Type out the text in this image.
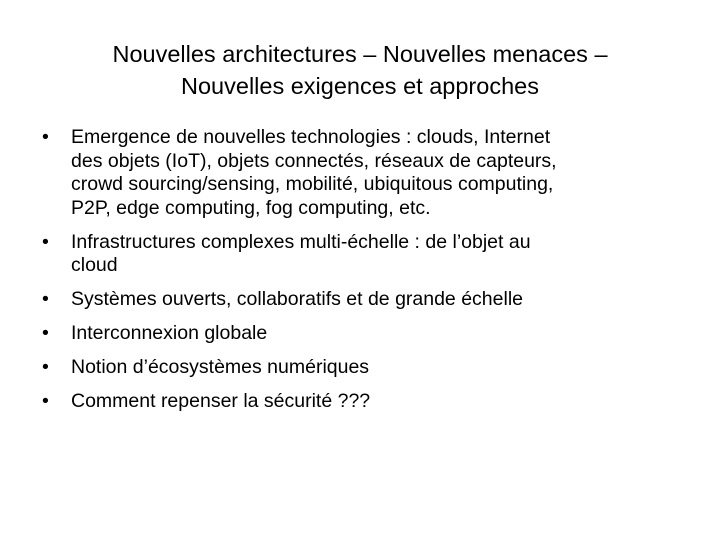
Nouvelles architectures – Nouvelles menaces –
Nouvelles exigences et approches
• Emergence de nouvelles technologies : clouds, Internet
des objets (IoT), objets connectés, réseaux de capteurs,
crowd sourcing/sensing, mobilité, ubiquitous computing,
P2P, edge computing, fog computing, etc.
• Infrastructures complexes multi-échelle : de l’objet au
cloud
• Systèmes ouverts, collaboratifs et de grande échelle
• Interconnexion globale
• Notion d’écosystèmes numériques
• Comment repenser la sécurité ???
